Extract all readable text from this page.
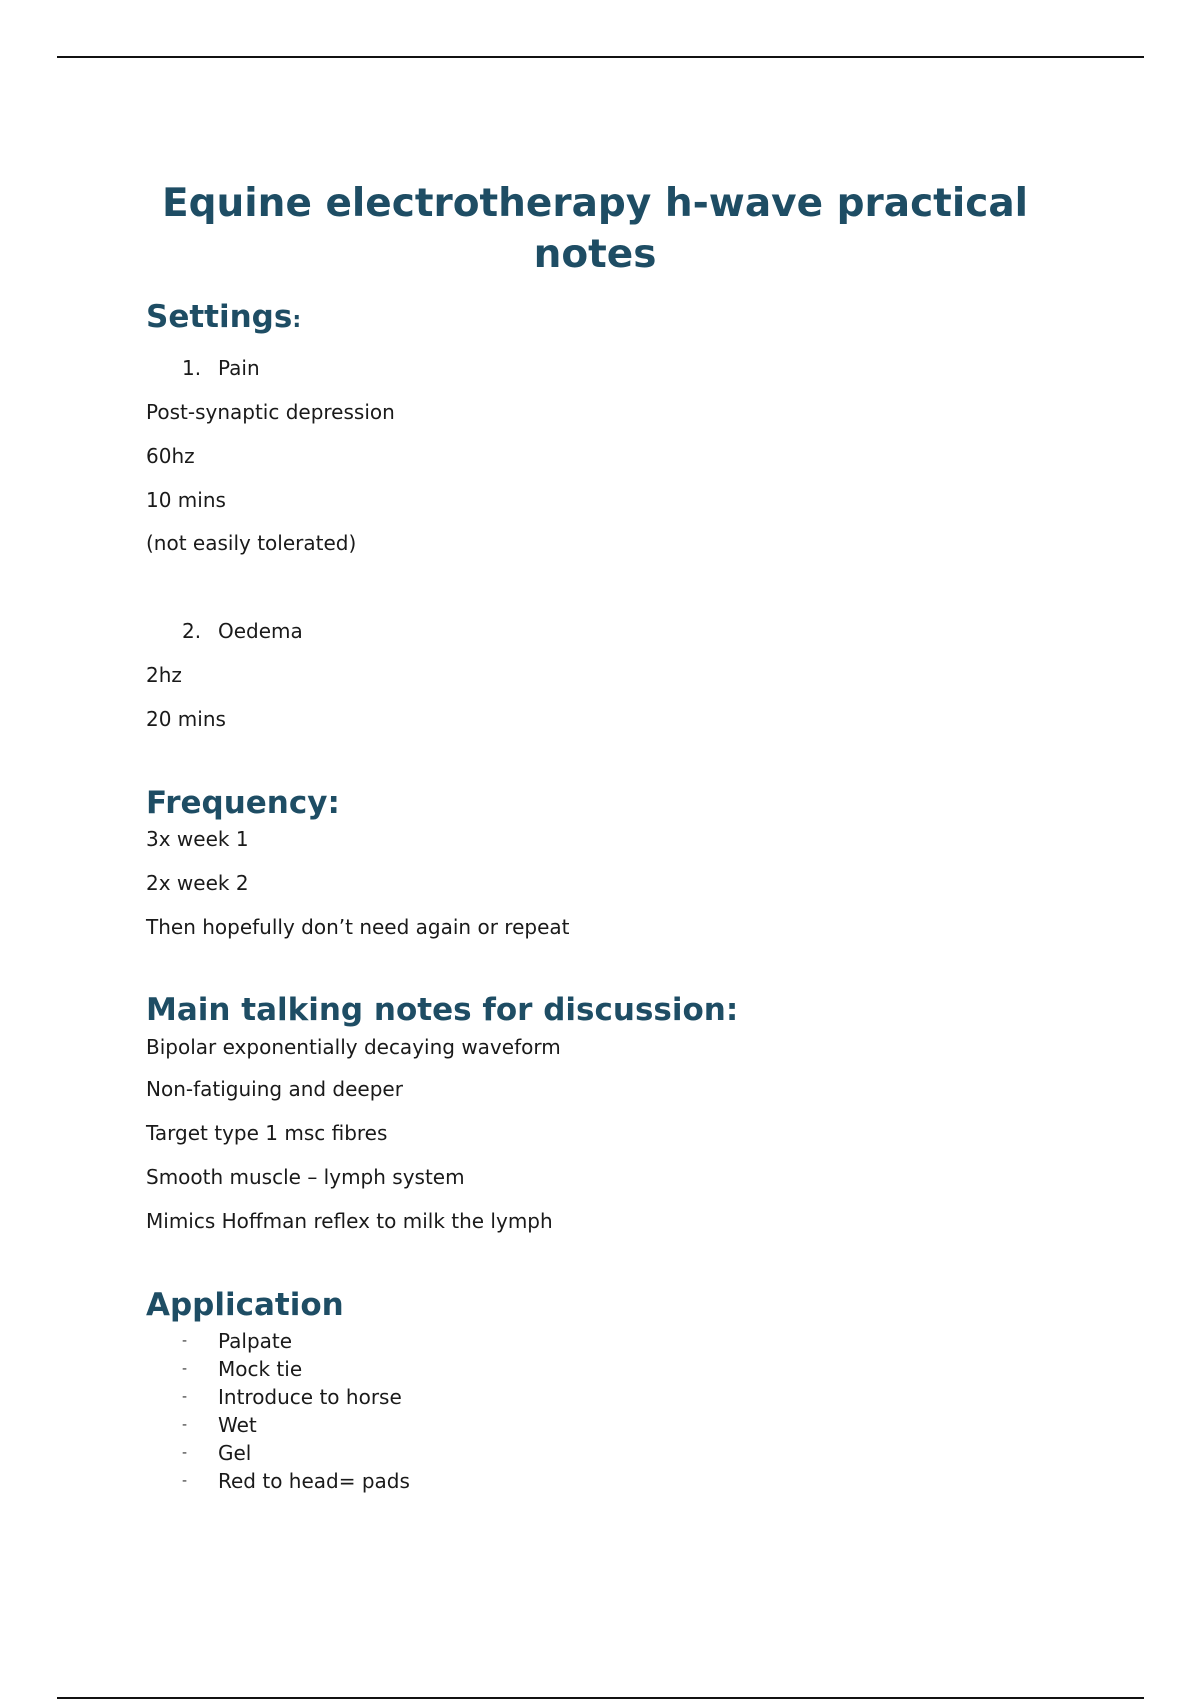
Equine electrotherapy h-wave practical notes
Settings:
1. Pain

Post-synaptic depression

60hz

10 mins

(not easily tolerated)

2. Oedema

2hz

20 mins

Frequency:

3x week 1

2x week 2

Then hopefully don’t need again or repeat

Main talking notes for discussion:

Bipolar exponentially decaying waveform

Non-fatiguing and deeper

Target type 1 msc fibres

Smooth muscle – lymph system

Mimics Hoffman reflex to milk the lymph

Application
-	Palpate
-	Mock tie
-	Introduce to horse
-	Wet
-	Gel
-	Red to head= pads
